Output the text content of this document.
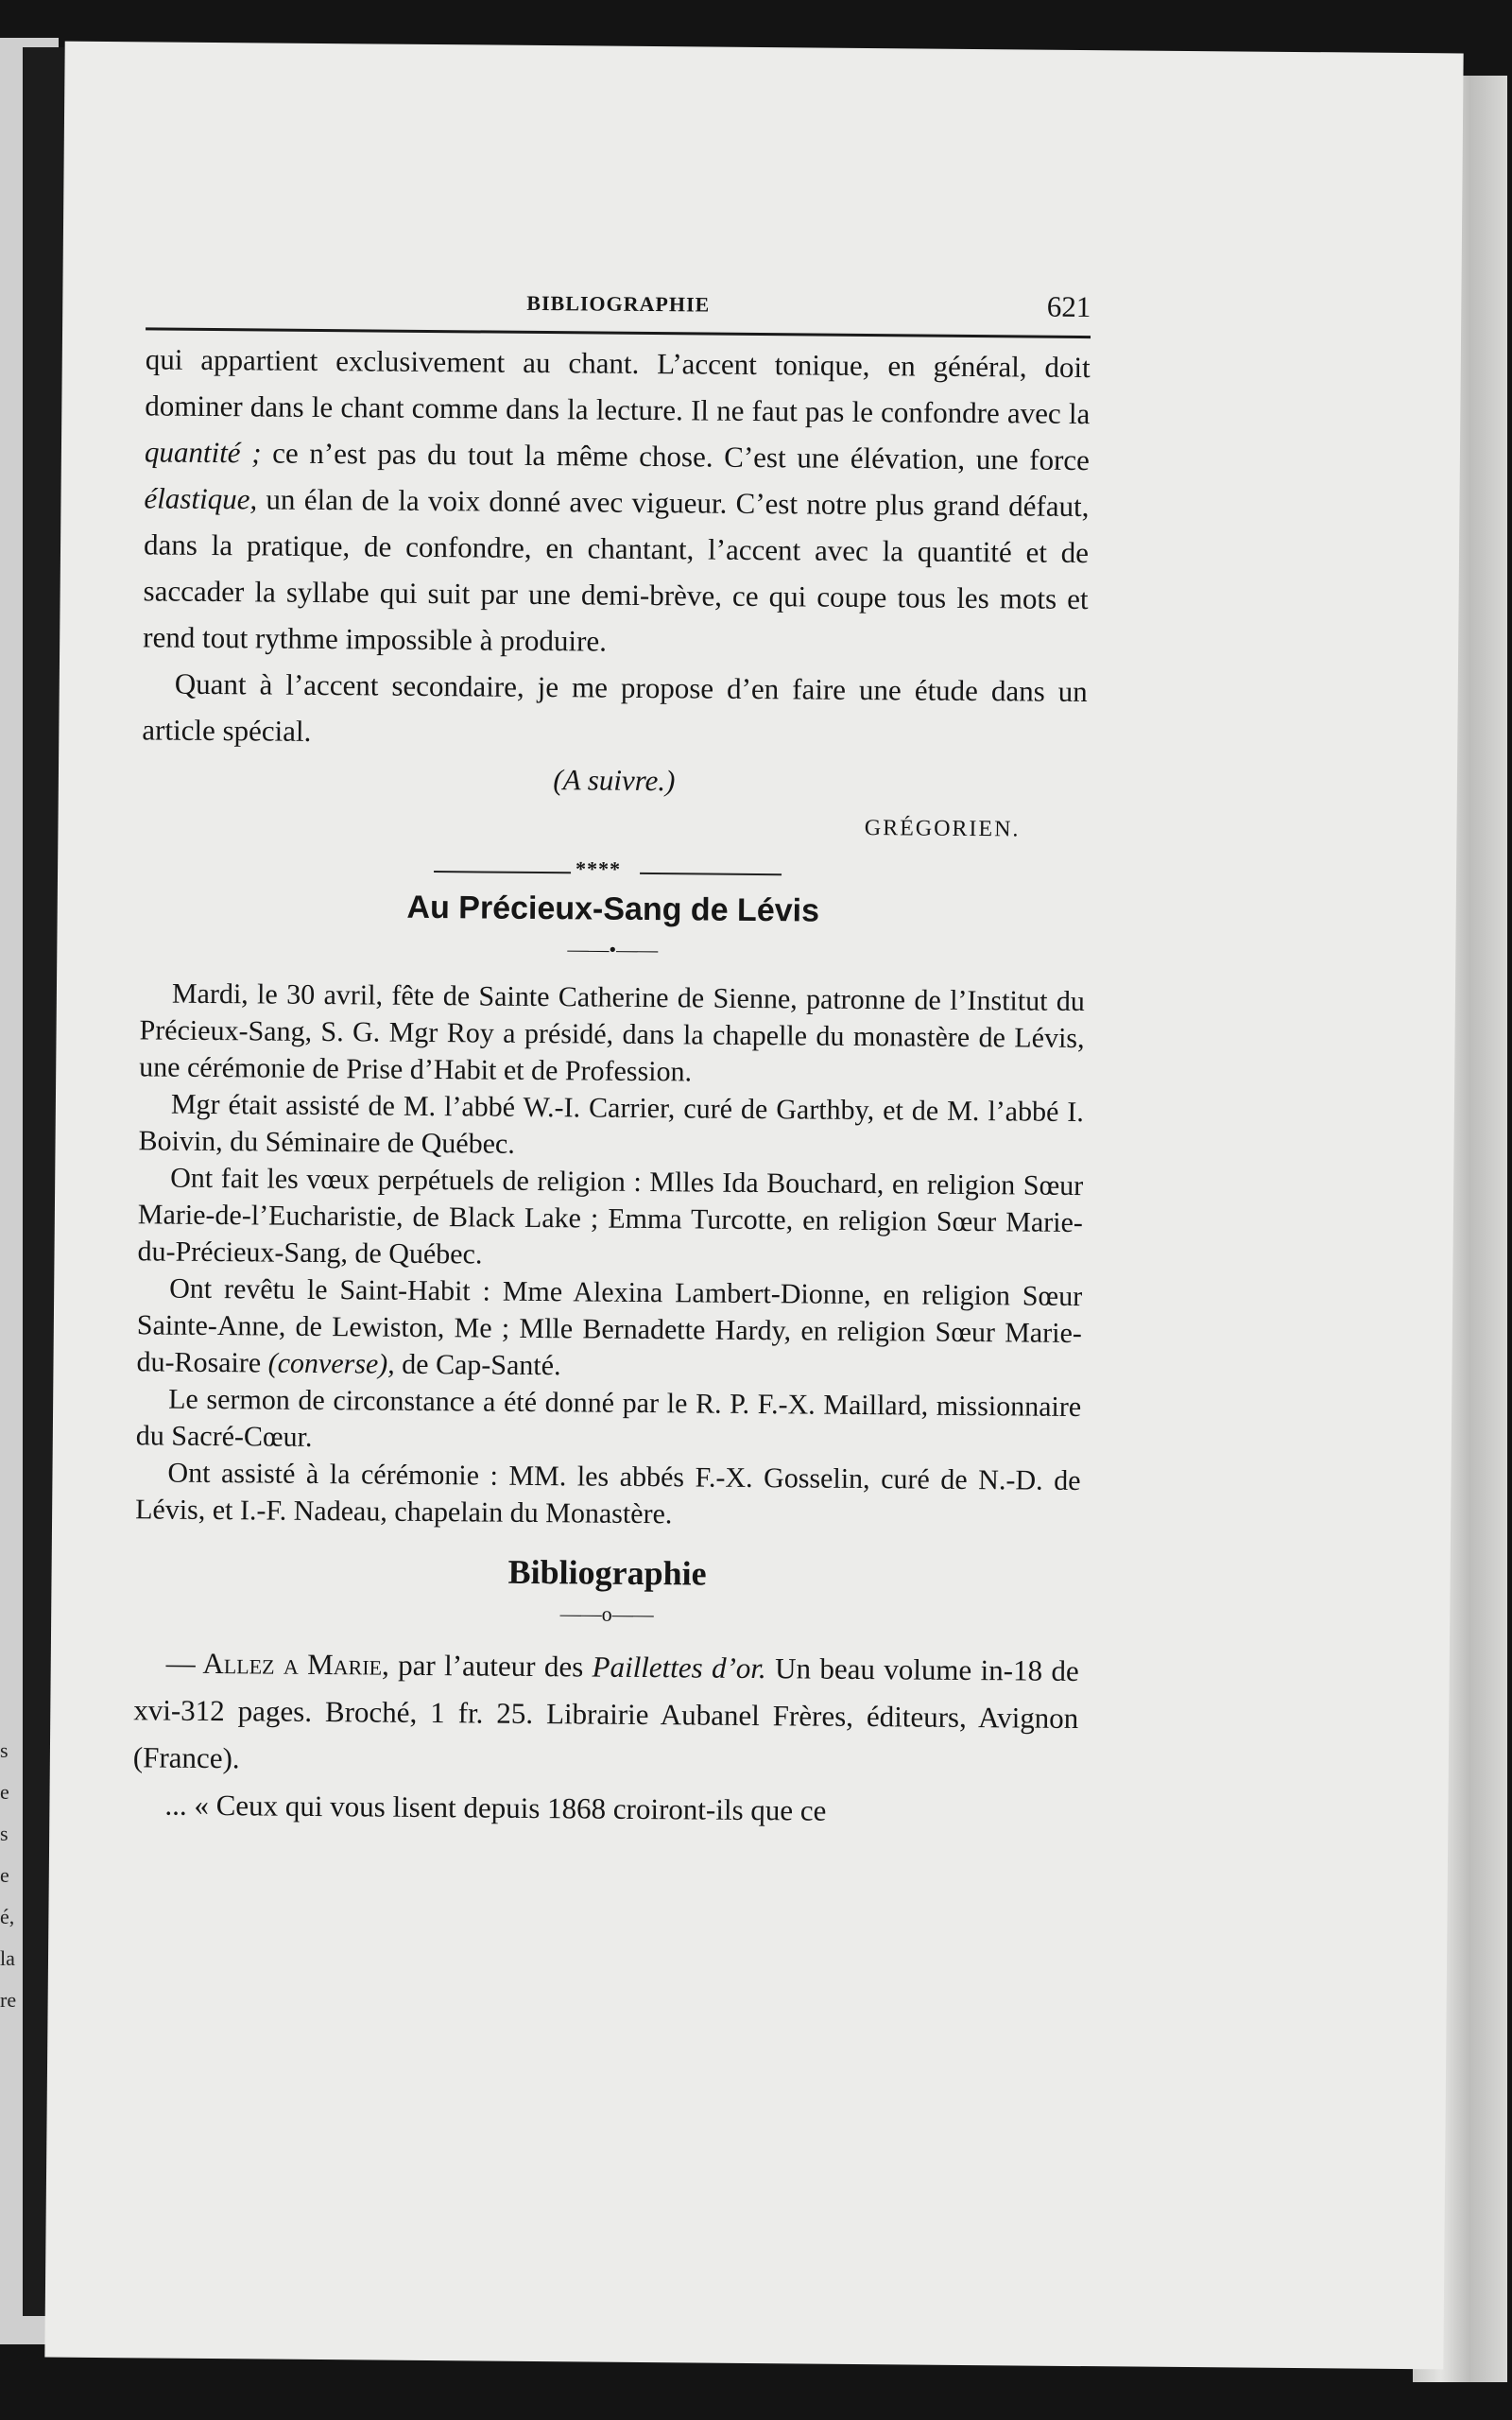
s
e
s
e
é,
la
re
BIBLIOGRAPHIE	621

qui appartient exclusivement au chant. L’accent tonique, en général, doit dominer dans le chant comme dans la lecture. Il ne faut pas le confondre avec la quantité ; ce n’est pas du tout la même chose. C’est une élévation, une force élastique, un élan de la voix donné avec vigueur. C’est notre plus grand défaut, dans la pratique, de confondre, en chantant, l’accent avec la quantité et de saccader la syllabe qui suit par une demi-brève, ce qui coupe tous les mots et rend tout rythme impossible à produire.

Quant à l’accent secondaire, je me propose d’en faire une étude dans un article spécial.

(A suivre.)

GRÉGORIEN.

****
Au Précieux-Sang de Lévis
——•——

Mardi, le 30 avril, fête de Sainte Catherine de Sienne, patronne de l’Institut du Précieux-Sang, S. G. Mgr Roy a présidé, dans la chapelle du monastère de Lévis, une cérémonie de Prise d’Habit et de Profession.

Mgr était assisté de M. l’abbé W.-I. Carrier, curé de Garthby, et de M. l’abbé I. Boivin, du Séminaire de Québec.

Ont fait les vœux perpétuels de religion : Mlles Ida Bouchard, en religion Sœur Marie-de-l’Eucharistie, de Black Lake ; Emma Turcotte, en religion Sœur Marie-du-Précieux-Sang, de Québec.

Ont revêtu le Saint-Habit : Mme Alexina Lambert-Dionne, en religion Sœur Sainte-Anne, de Lewiston, Me ; Mlle Bernadette Hardy, en religion Sœur Marie-du-Rosaire (converse), de Cap-Santé.

Le sermon de circonstance a été donné par le R. P. F.-X. Maillard, missionnaire du Sacré-Cœur.

Ont assisté à la cérémonie : MM. les abbés F.-X. Gosselin, curé de N.-D. de Lévis, et I.-F. Nadeau, chapelain du Monastère.

Bibliographie
——o——

— Allez a Marie, par l’auteur des Paillettes d’or. Un beau volume in-18 de xvi-312 pages. Broché, 1 fr. 25. Librairie Aubanel Frères, éditeurs, Avignon (France).

... « Ceux qui vous lisent depuis 1868 croiront-ils que ce
